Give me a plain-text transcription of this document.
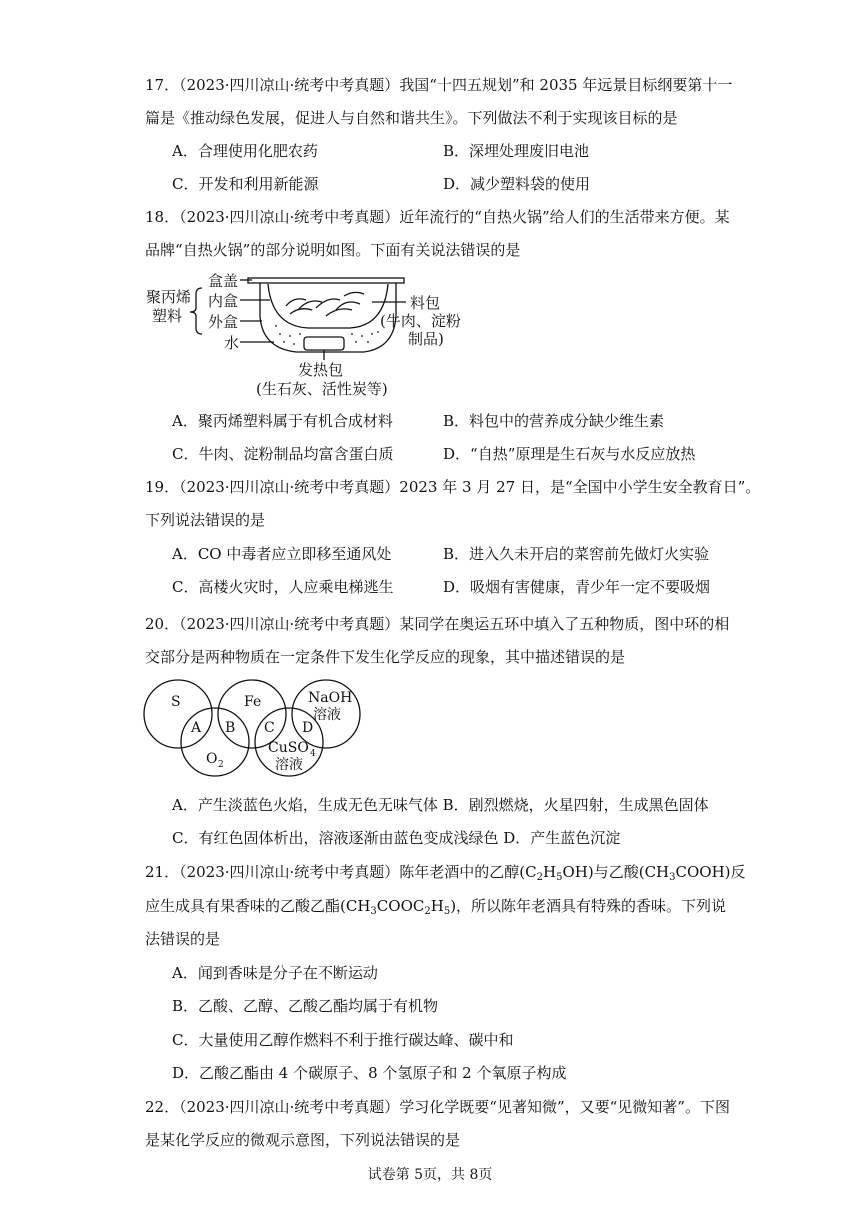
17．（2023·四川凉山·统考中考真题）我国“十四五规划”和 2035 年远景目标纲要第十一
篇是《推动绿色发展，促进人与自然和谐共生》。下列做法不利于实现该目标的是
A．合理使用化肥农药	B．深埋处理废旧电池
C．开发和利用新能源	D．减少塑料袋的使用
18．（2023·四川凉山·统考中考真题）近年流行的“自热火锅”给人们的生活带来方便。某
品牌“自热火锅”的部分说明如图。下面有关说法错误的是
盒盖
内盒
外盒
水
聚丙烯
塑料
料包
(牛肉、淀粉
制品)
发热包
(生石灰、活性炭等)
A．聚丙烯塑料属于有机合成材料	B．料包中的营养成分缺少维生素
C．牛肉、淀粉制品均富含蛋白质	D．“自热”原理是生石灰与水反应放热
19．（2023·四川凉山·统考中考真题）2023 年 3 月 27 日，是“全国中小学生安全教育日”。
下列说法错误的是
A．CO 中毒者应立即移至通风处	B．进入久未开启的菜窖前先做灯火实验
C．高楼火灾时，人应乘电梯逃生	D．吸烟有害健康，青少年一定不要吸烟
20．（2023·四川凉山·统考中考真题）某同学在奥运五环中填入了五种物质，图中环的相
交部分是两种物质在一定条件下发生化学反应的现象，其中描述错误的是
S	Fe	NaOH
溶液
O 2
CuSO 4
溶液
A B C D
A．产生淡蓝色火焰，生成无色无味气体 B．剧烈燃烧，火星四射，生成黑色固体
C．有红色固体析出，溶液逐渐由蓝色变成浅绿色 D．产生蓝色沉淀
21．（2023·四川凉山·统考中考真题）陈年老酒中的乙醇$(C_2H_5OH)$与乙酸$(CH_3COOH)$反
应生成具有果香味的乙酸乙酯$(CH_3COOC_2H_5)$，所以陈年老酒具有特殊的香味。下列说
法错误的是
A．闻到香味是分子在不断运动
B．乙酸、乙醇、乙酸乙酯均属于有机物
C．大量使用乙醇作燃料不利于推行碳达峰、碳中和
D．乙酸乙酯由 4 个碳原子、8 个氢原子和 2 个氧原子构成
22．（2023·四川凉山·统考中考真题）学习化学既要“见著知微”，又要“见微知著”。下图
是某化学反应的微观示意图，下列说法错误的是
试卷第 5页，共 8页
